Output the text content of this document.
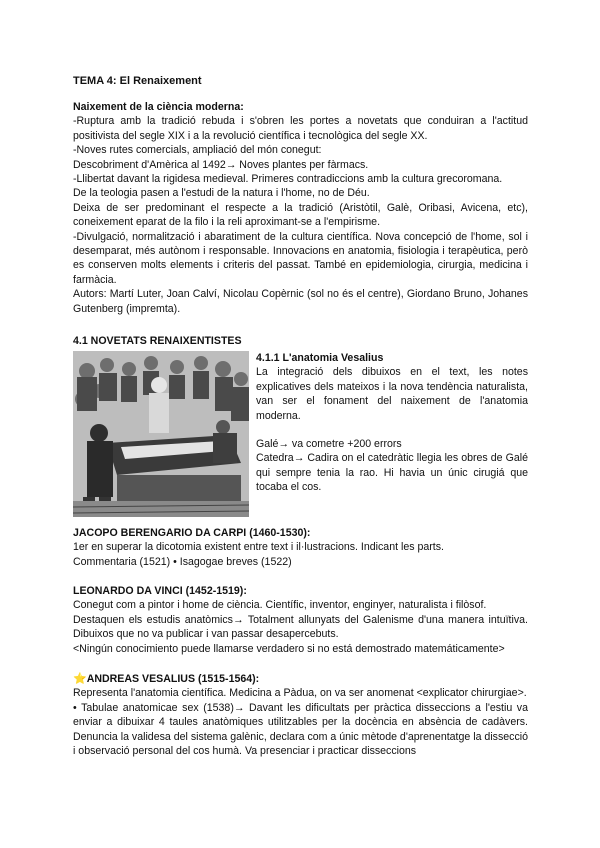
TEMA 4: El Renaixement

Naixement de la ciència moderna:

-Ruptura amb la tradició rebuda i s'obren les portes a novetats que conduiran a l'actitud positivista del segle XIX i a la revolució científica i tecnològica del segle XX.

-Noves rutes comercials, ampliació del món conegut:

Descobriment d'Amèrica al 1492→ Noves plantes per fàrmacs.

-Llibertat davant la rigidesa medieval. Primeres contradiccions amb la cultura grecoromana.

De la teologia pasen a l'estudi de la natura i l'home, no de Déu.

Deixa de ser predominant el respecte a la tradició (Aristòtil, Galè, Oribasi, Avicena, etc), coneixement eparat de la filo i la reli aproximant-se a l'empirisme.

-Divulgació, normalització i abaratiment de la cultura científica. Nova concepció de l'home, sol i desemparat, més autònom i responsable. Innovacions en anatomia, fisiologia i terapèutica, però es conserven molts elements i criteris del passat. També en epidemiologia, cirurgia, medicina i farmàcia.

Autors: Martí Luter, Joan Calví, Nicolau Copèrnic (sol no és el centre), Giordano Bruno, Johanes Gutenberg (impremta).

4.1 NOVETATS RENAIXENTISTES

4.1.1 L'anatomia Vesalius

La integració dels dibuixos en el text, les notes explicatives dels mateixos i la nova tendència naturalista, van ser el fonament del naixement de l'anatomia moderna.

Galé→ va cometre +200 errors

Catedra→ Cadira on el catedràtic llegia les obres de Galé qui sempre tenia la rao. Hi havia un únic cirugiá que tocaba el cos.

JACOPO BERENGARIO DA CARPI (1460-1530):

1er en superar la dicotomia existent entre text i il·lustracions. Indicant les parts.

Commentaria (1521) • Isagogae breves (1522)

LEONARDO DA VINCI (1452-1519):

Conegut com a pintor i home de ciència. Científic, inventor, enginyer, naturalista i filòsof.

Destaquen els estudis anatòmics→ Totalment allunyats del Galenisme d'una manera intuïtiva. Dibuixos que no va publicar i van passar desapercebuts.

<Ningún conocimiento puede llamarse verdadero si no está demostrado matemáticamente>

⭐ANDREAS VESALIUS (1515-1564):

Representa l'anatomia científica. Medicina a Pàdua, on va ser anomenat <explicator chirurgiae>.

• Tabulae anatomicae sex (1538)→ Davant les dificultats per pràctica disseccions a l'estiu va enviar a dibuixar 4 taules anatòmiques utilitzables per la docència en absència de cadàvers. Denuncia la validesa del sistema galènic, declara com a únic mètode d'aprenentatge la dissecció i observació personal del cos humà. Va presenciar i practicar disseccions
